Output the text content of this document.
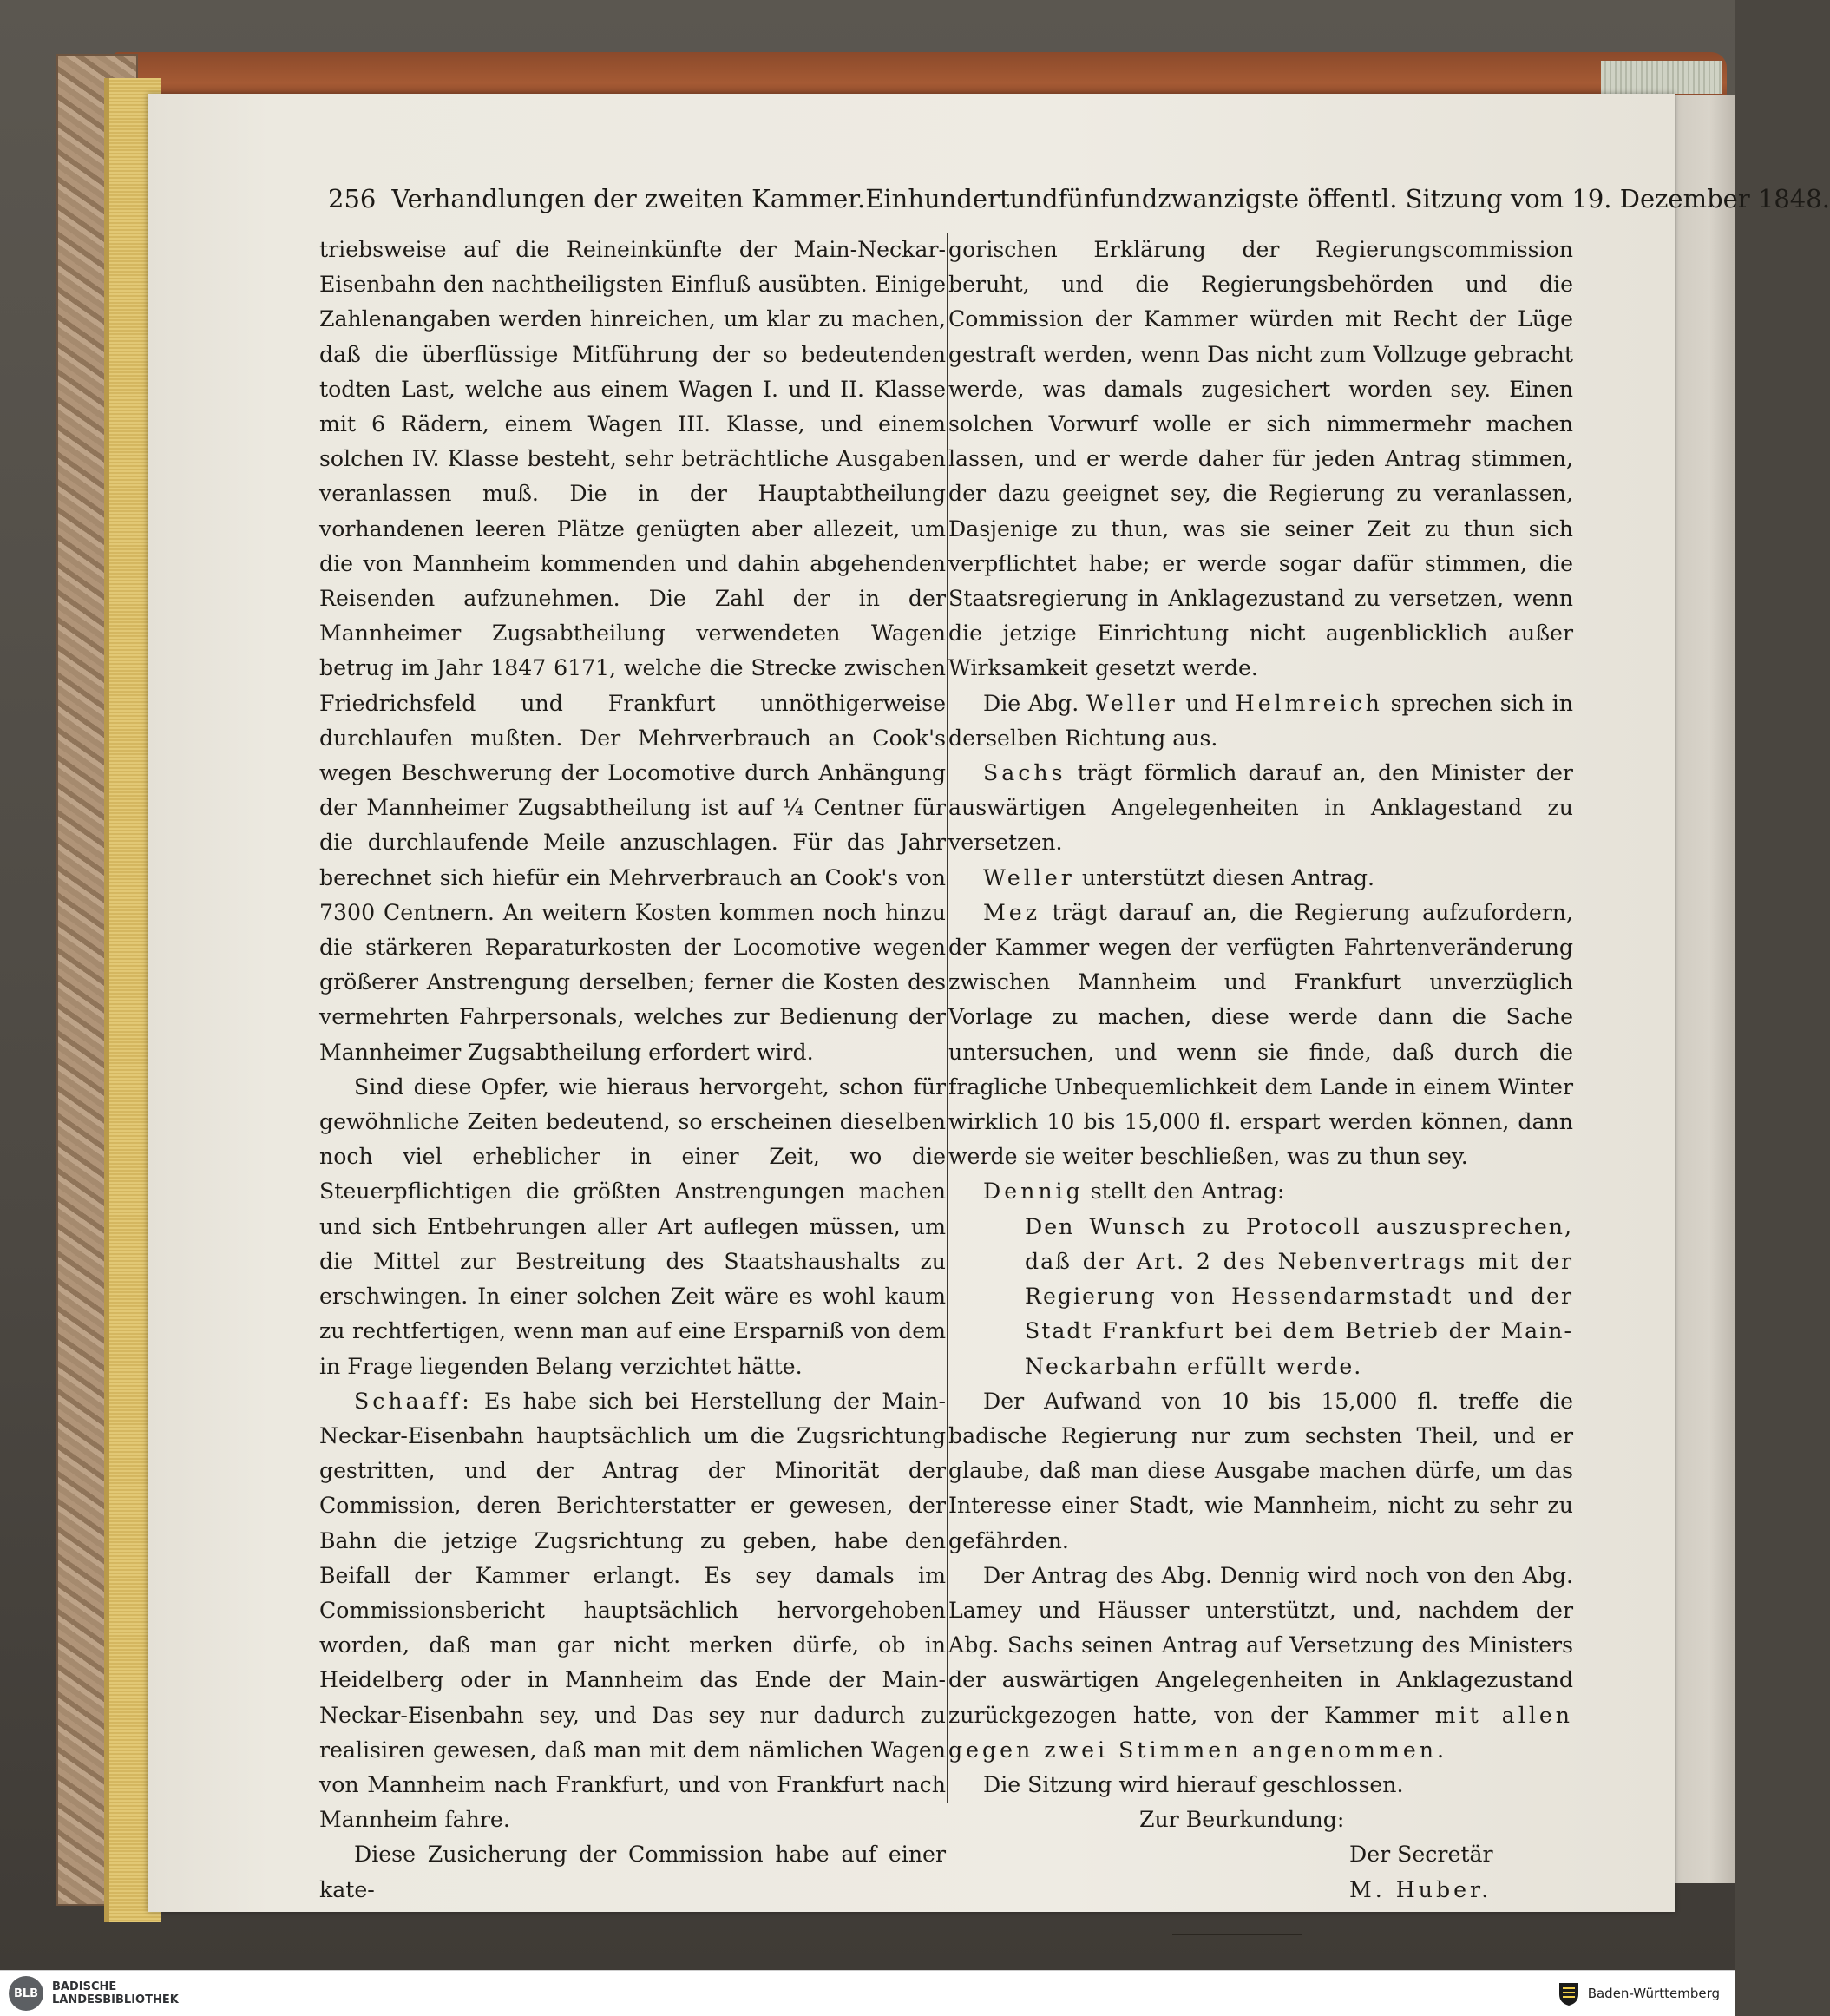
256 Verhandlungen der zweiten Kammer. Einhundertundfünfundzwanzigste öffentl. Sitzung vom 19. Dezember 1848.

triebsweise auf die Reineinkünfte der Main-Neckar-Eisenbahn den nachtheiligsten Einfluß ausübten. Einige Zahlenangaben werden hinreichen, um klar zu machen, daß die überflüssige Mitführung der so bedeutenden todten Last, welche aus einem Wagen I. und II. Klasse mit 6 Rädern, einem Wagen III. Klasse, und einem solchen IV. Klasse besteht, sehr beträchtliche Ausgaben veranlassen muß. Die in der Hauptabtheilung vorhandenen leeren Plätze genügten aber allezeit, um die von Mannheim kommenden und dahin abgehenden Reisenden aufzunehmen. Die Zahl der in der Mannheimer Zugsabtheilung verwendeten Wagen betrug im Jahr 1847 6171, welche die Strecke zwischen Friedrichsfeld und Frankfurt unnöthigerweise durchlaufen mußten. Der Mehrverbrauch an Cook's wegen Beschwerung der Locomotive durch Anhängung der Mannheimer Zugsabtheilung ist auf ¼ Centner für die durchlaufende Meile anzuschlagen. Für das Jahr berechnet sich hiefür ein Mehrverbrauch an Cook's von 7300 Centnern. An weitern Kosten kommen noch hinzu die stärkeren Reparaturkosten der Locomotive wegen größerer Anstrengung derselben; ferner die Kosten des vermehrten Fahrpersonals, welches zur Bedienung der Mannheimer Zugsabtheilung erfordert wird.

Sind diese Opfer, wie hieraus hervorgeht, schon für gewöhnliche Zeiten bedeutend, so erscheinen dieselben noch viel erheblicher in einer Zeit, wo die Steuerpflichtigen die größten Anstrengungen machen und sich Entbehrungen aller Art auflegen müssen, um die Mittel zur Bestreitung des Staatshaushalts zu erschwingen. In einer solchen Zeit wäre es wohl kaum zu rechtfertigen, wenn man auf eine Ersparniß von dem in Frage liegenden Belang verzichtet hätte.

Schaaff: Es habe sich bei Herstellung der Main-Neckar-Eisenbahn hauptsächlich um die Zugsrichtung gestritten, und der Antrag der Minorität der Commission, deren Berichterstatter er gewesen, der Bahn die jetzige Zugsrichtung zu geben, habe den Beifall der Kammer erlangt. Es sey damals im Commissionsbericht hauptsächlich hervorgehoben worden, daß man gar nicht merken dürfe, ob in Heidelberg oder in Mannheim das Ende der Main-Neckar-Eisenbahn sey, und Das sey nur dadurch zu realisiren gewesen, daß man mit dem nämlichen Wagen von Mannheim nach Frankfurt, und von Frankfurt nach Mannheim fahre.

Diese Zusicherung der Commission habe auf einer kate-

gorischen Erklärung der Regierungscommission beruht, und die Regierungsbehörden und die Commission der Kammer würden mit Recht der Lüge gestraft werden, wenn Das nicht zum Vollzuge gebracht werde, was damals zugesichert worden sey. Einen solchen Vorwurf wolle er sich nimmermehr machen lassen, und er werde daher für jeden Antrag stimmen, der dazu geeignet sey, die Regierung zu veranlassen, Dasjenige zu thun, was sie seiner Zeit zu thun sich verpflichtet habe; er werde sogar dafür stimmen, die Staatsregierung in Anklagezustand zu versetzen, wenn die jetzige Einrichtung nicht augenblicklich außer Wirksamkeit gesetzt werde.

Die Abg. Weller und Helmreich sprechen sich in derselben Richtung aus.

Sachs trägt förmlich darauf an, den Minister der auswärtigen Angelegenheiten in Anklagestand zu versetzen.

Weller unterstützt diesen Antrag.

Mez trägt darauf an, die Regierung aufzufordern, der Kammer wegen der verfügten Fahrtenveränderung zwischen Mannheim und Frankfurt unverzüglich Vorlage zu machen, diese werde dann die Sache untersuchen, und wenn sie finde, daß durch die fragliche Unbequemlichkeit dem Lande in einem Winter wirklich 10 bis 15,000 fl. erspart werden können, dann werde sie weiter beschließen, was zu thun sey.

Dennig stellt den Antrag:

Den Wunsch zu Protocoll auszusprechen, daß der Art. 2 des Nebenvertrags mit der Regierung von Hessendarmstadt und der Stadt Frankfurt bei dem Betrieb der Main-Neckarbahn erfüllt werde.

Der Aufwand von 10 bis 15,000 fl. treffe die badische Regierung nur zum sechsten Theil, und er glaube, daß man diese Ausgabe machen dürfe, um das Interesse einer Stadt, wie Mannheim, nicht zu sehr zu gefährden.

Der Antrag des Abg. Dennig wird noch von den Abg. Lamey und Häusser unterstützt, und, nachdem der Abg. Sachs seinen Antrag auf Versetzung des Ministers der auswärtigen Angelegenheiten in Anklagezustand zurückgezogen hatte, von der Kammer mit allen gegen zwei Stimmen angenommen.

Die Sitzung wird hierauf geschlossen.

Zur Beurkundung:

Der Secretär

M. Huber.

BLB	BADISCHE
LANDESBIBLIOTHEK	Baden-Württemberg
